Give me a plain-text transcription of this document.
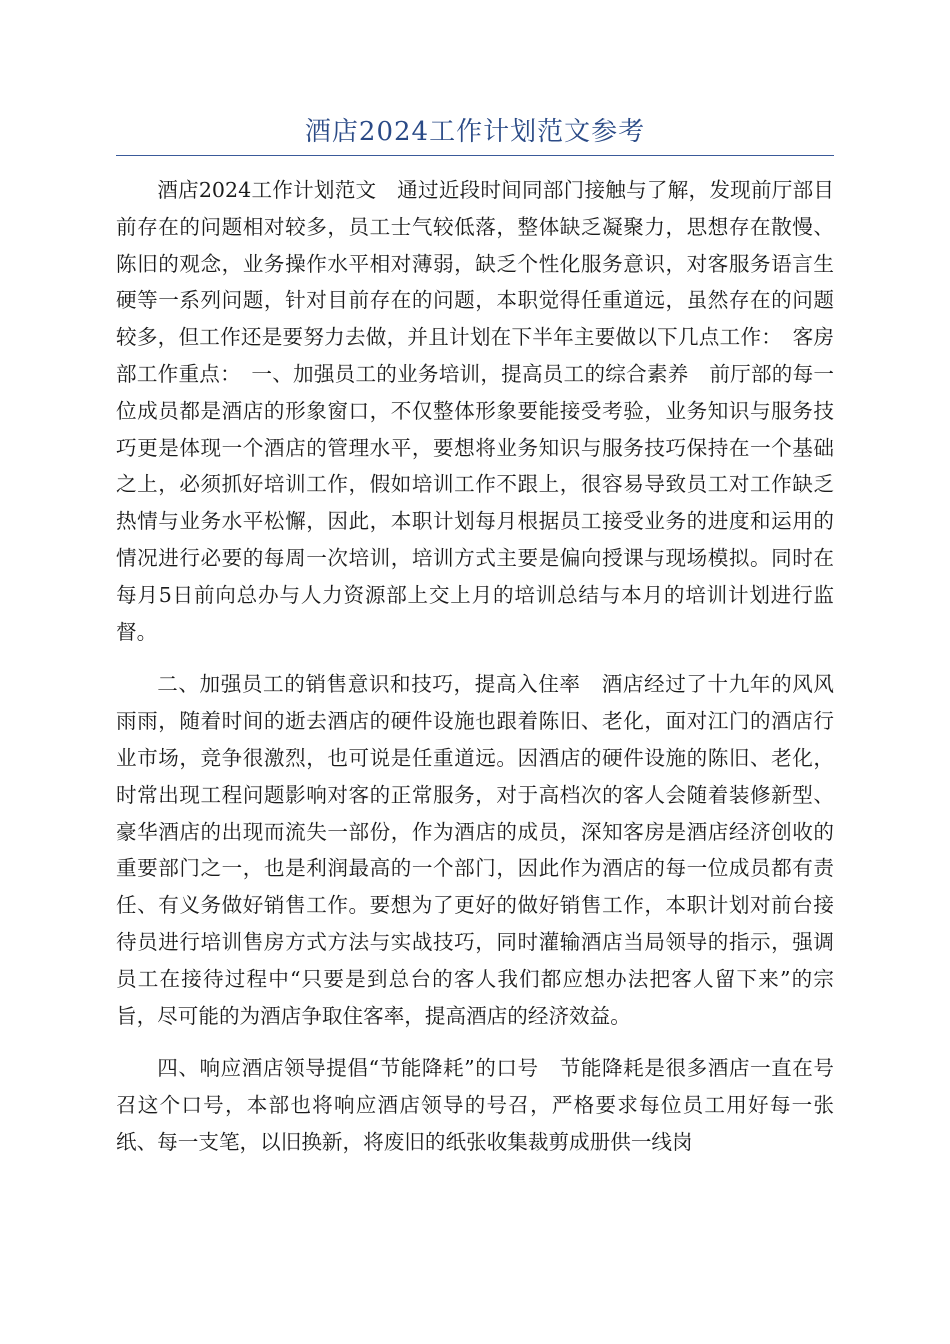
酒店2024工作计划范文参考

酒店2024工作计划范文　通过近段时间同部门接触与了解，发现前厅部目前存在的问题相对较多，员工士气较低落，整体缺乏凝聚力，思想存在散慢、陈旧的观念，业务操作水平相对薄弱，缺乏个性化服务意识，对客服务语言生硬等一系列问题，针对目前存在的问题，本职觉得任重道远，虽然存在的问题较多，但工作还是要努力去做，并且计划在下半年主要做以下几点工作：　客房部工作重点：　一、加强员工的业务培训，提高员工的综合素养　前厅部的每一位成员都是酒店的形象窗口，不仅整体形象要能接受考验，业务知识与服务技巧更是体现一个酒店的管理水平，要想将业务知识与服务技巧保持在一个基础之上，必须抓好培训工作，假如培训工作不跟上，很容易导致员工对工作缺乏热情与业务水平松懈，因此，本职计划每月根据员工接受业务的进度和运用的情况进行必要的每周一次培训，培训方式主要是偏向授课与现场模拟。同时在每月5日前向总办与人力资源部上交上月的培训总结与本月的培训计划进行监督。

二、加强员工的销售意识和技巧，提高入住率　酒店经过了十九年的风风雨雨，随着时间的逝去酒店的硬件设施也跟着陈旧、老化，面对江门的酒店行业市场，竞争很激烈，也可说是任重道远。因酒店的硬件设施的陈旧、老化，时常出现工程问题影响对客的正常服务，对于高档次的客人会随着装修新型、豪华酒店的出现而流失一部份，作为酒店的成员，深知客房是酒店经济创收的重要部门之一，也是利润最高的一个部门，因此作为酒店的每一位成员都有责任、有义务做好销售工作。要想为了更好的做好销售工作，本职计划对前台接待员进行培训售房方式方法与实战技巧，同时灌输酒店当局领导的指示，强调员工在接待过程中“只要是到总台的客人我们都应想办法把客人留下来”的宗旨，尽可能的为酒店争取住客率，提高酒店的经济效益。

四、响应酒店领导提倡“节能降耗”的口号　节能降耗是很多酒店一直在号召这个口号，本部也将响应酒店领导的号召，严格要求每位员工用好每一张纸、每一支笔，以旧换新，将废旧的纸张收集裁剪成册供一线岗
